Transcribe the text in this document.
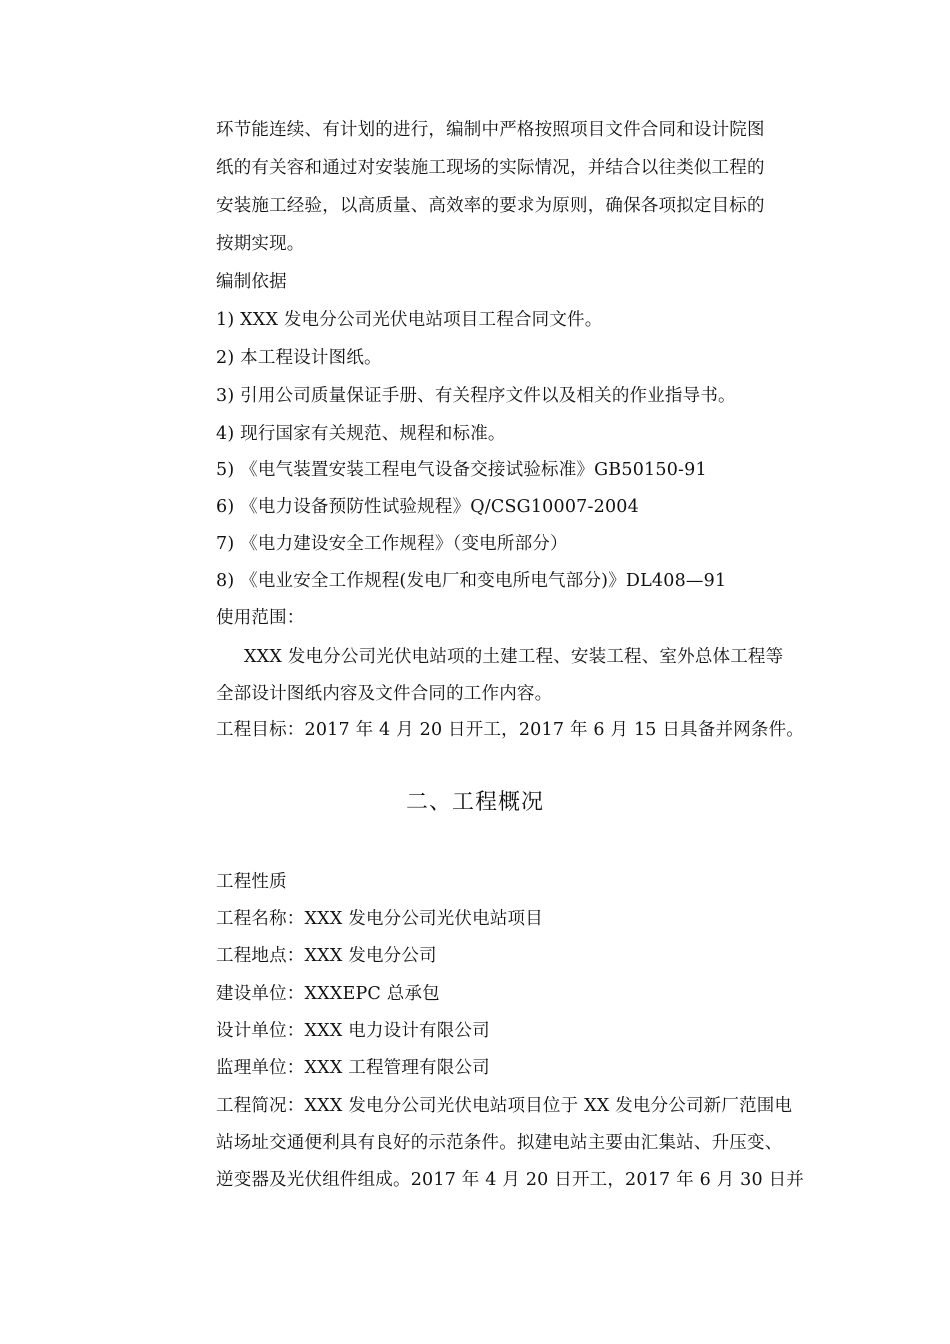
环节能连续、有计划的进行，编制中严格按照项目文件合同和设计院图
纸的有关容和通过对安装施工现场的实际情况，并结合以往类似工程的
安装施工经验，以高质量、高效率的要求为原则，确保各项拟定目标的
按期实现。
编制依据
1) XXX 发电分公司光伏电站项目工程合同文件。
2) 本工程设计图纸。
3) 引用公司质量保证手册、有关程序文件以及相关的作业指导书。
4) 现行国家有关规范、规程和标准。
5) 《电气装置安装工程电气设备交接试验标准》GB50150-91
6) 《电力设备预防性试验规程》Q/CSG10007-2004
7) 《电力建设安全工作规程》（变电所部分）
8) 《电业安全工作规程(发电厂和变电所电气部分)》DL408—91
使用范围：
XXX 发电分公司光伏电站项的土建工程、安装工程、室外总体工程等
全部设计图纸内容及文件合同的工作内容。
工程目标：2017 年 4 月 20 日开工，2017 年 6 月 15 日具备并网条件。
二、工程概况
工程性质
工程名称：XXX 发电分公司光伏电站项目
工程地点：XXX 发电分公司
建设单位：XXXEPC 总承包
设计单位：XXX 电力设计有限公司
监理单位：XXX 工程管理有限公司
工程简况：XXX 发电分公司光伏电站项目位于 XX 发电分公司新厂范围电
站场址交通便利具有良好的示范条件。拟建电站主要由汇集站、升压变、
逆变器及光伏组件组成。2017 年 4 月 20 日开工，2017 年 6 月 30 日并
